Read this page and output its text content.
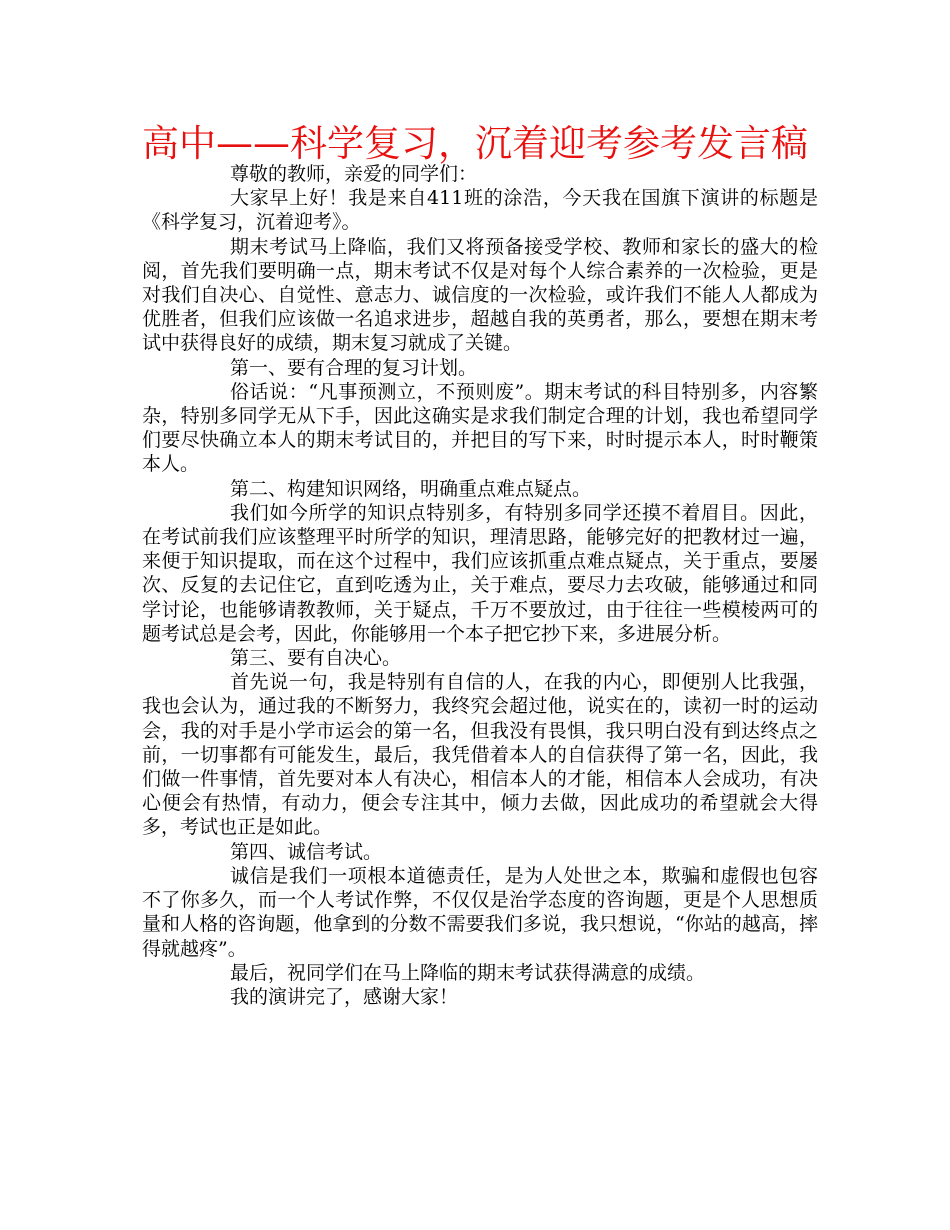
高中——科学复习，沉着迎考参考发言稿

尊敬的教师，亲爱的同学们：

大家早上好！我是来自411班的涂浩，今天我在国旗下演讲的标题是《科学复习，沉着迎考》。

期末考试马上降临，我们又将预备接受学校、教师和家长的盛大的检阅，首先我们要明确一点，期末考试不仅是对每个人综合素养的一次检验，更是对我们自决心、自觉性、意志力、诚信度的一次检验，或许我们不能人人都成为优胜者，但我们应该做一名追求进步，超越自我的英勇者，那么，要想在期末考试中获得良好的成绩，期末复习就成了关键。

第一、要有合理的复习计划。

俗话说：“凡事预测立，不预则废”。期末考试的科目特别多，内容繁杂，特别多同学无从下手，因此这确实是求我们制定合理的计划，我也希望同学们要尽快确立本人的期末考试目的，并把目的写下来，时时提示本人，时时鞭策本人。

第二、构建知识网络，明确重点难点疑点。

我们如今所学的知识点特别多，有特别多同学还摸不着眉目。因此，在考试前我们应该整理平时所学的知识，理清思路，能够完好的把教材过一遍，来便于知识提取，而在这个过程中，我们应该抓重点难点疑点，关于重点，要屡次、反复的去记住它，直到吃透为止，关于难点，要尽力去攻破，能够通过和同学讨论，也能够请教教师，关于疑点，千万不要放过，由于往往一些模棱两可的题考试总是会考，因此，你能够用一个本子把它抄下来，多进展分析。

第三、要有自决心。

首先说一句，我是特别有自信的人，在我的内心，即便别人比我强，我也会认为，通过我的不断努力，我终究会超过他，说实在的，读初一时的运动会，我的对手是小学市运会的第一名，但我没有畏惧，我只明白没有到达终点之前，一切事都有可能发生，最后，我凭借着本人的自信获得了第一名，因此，我们做一件事情，首先要对本人有决心，相信本人的才能，相信本人会成功，有决心便会有热情，有动力，便会专注其中，倾力去做，因此成功的希望就会大得多，考试也正是如此。

第四、诚信考试。

诚信是我们一项根本道德责任，是为人处世之本，欺骗和虚假也包容不了你多久，而一个人考试作弊，不仅仅是治学态度的咨询题，更是个人思想质量和人格的咨询题，他拿到的分数不需要我们多说，我只想说，“你站的越高，摔得就越疼”。

最后，祝同学们在马上降临的期末考试获得满意的成绩。

我的演讲完了，感谢大家！
